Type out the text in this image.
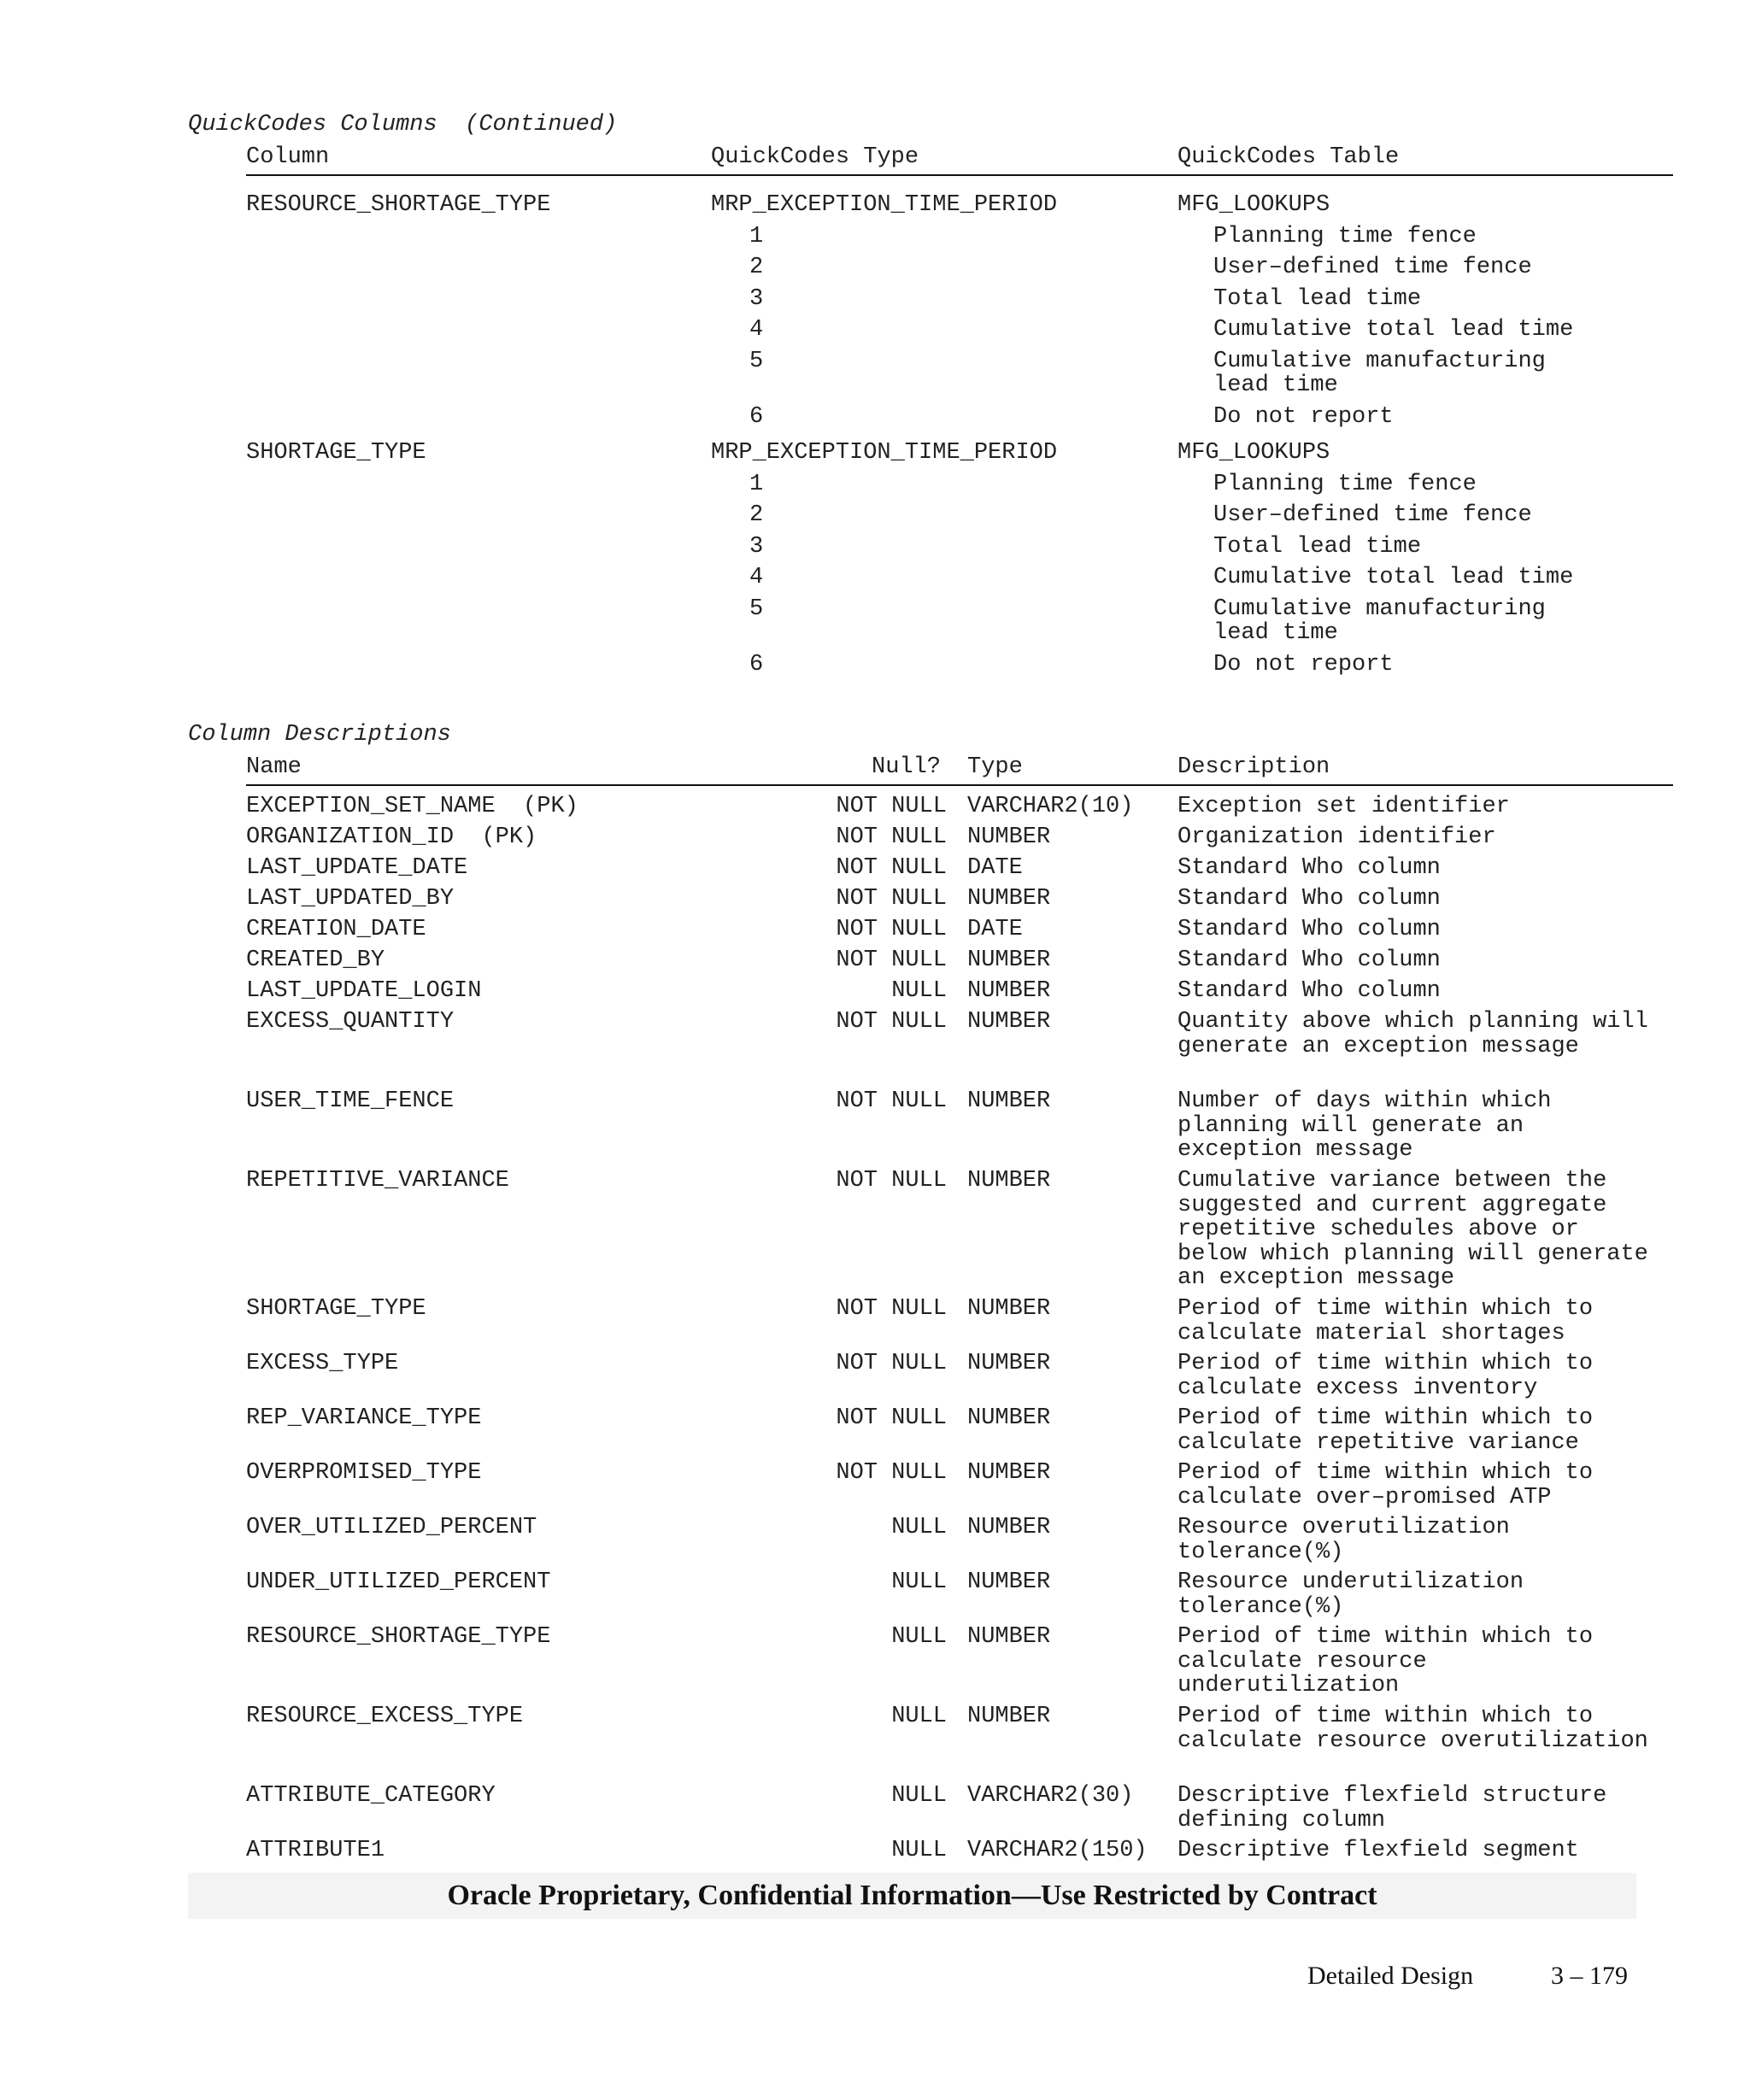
QuickCodes Columns  (Continued)
Column	QuickCodes Type	QuickCodes Table
RESOURCE_SHORTAGE_TYPE	MRP_EXCEPTION_TIME_PERIOD	MFG_LOOKUPS
1	Planning time fence
2	User–defined time fence
3	Total lead time
4	Cumulative total lead time
5	Cumulative manufacturing
lead time
6	Do not report
SHORTAGE_TYPE	MRP_EXCEPTION_TIME_PERIOD	MFG_LOOKUPS
1	Planning time fence
2	User–defined time fence
3	Total lead time
4	Cumulative total lead time
5	Cumulative manufacturing
lead time
6	Do not report
Column Descriptions
Name	Null? Type	Description
EXCEPTION_SET_NAME  (PK)	NOT NULL VARCHAR2(10) Exception set identifier
ORGANIZATION_ID  (PK)	NOT NULL NUMBER	Organization identifier
LAST_UPDATE_DATE	NOT NULL DATE	Standard Who column
LAST_UPDATED_BY	NOT NULL NUMBER	Standard Who column
CREATION_DATE	NOT NULL DATE	Standard Who column
CREATED_BY	NOT NULL NUMBER	Standard Who column
LAST_UPDATE_LOGIN	NULL NUMBER	Standard Who column
EXCESS_QUANTITY	NOT NULL NUMBER	Quantity above which planning will generate an exception message
USER_TIME_FENCE	NOT NULL NUMBER	Number of days within which planning will generate an exception message
REPETITIVE_VARIANCE	NOT NULL NUMBER	Cumulative variance between the suggested and current aggregate repetitive schedules above or below which planning will generate an exception message
SHORTAGE_TYPE	NOT NULL NUMBER	Period of time within which to calculate material shortages
EXCESS_TYPE	NOT NULL NUMBER	Period of time within which to calculate excess inventory
REP_VARIANCE_TYPE	NOT NULL NUMBER	Period of time within which to calculate repetitive variance
OVERPROMISED_TYPE	NOT NULL NUMBER	Period of time within which to calculate over–promised ATP
OVER_UTILIZED_PERCENT	NULL NUMBER	Resource overutilization tolerance(%)
UNDER_UTILIZED_PERCENT	NULL NUMBER	Resource underutilization tolerance(%)
RESOURCE_SHORTAGE_TYPE	NULL NUMBER	Period of time within which to calculate resource underutilization
RESOURCE_EXCESS_TYPE	NULL NUMBER	Period of time within which to calculate resource overutilization
ATTRIBUTE_CATEGORY	NULL VARCHAR2(30) Descriptive flexfield structure defining column
ATTRIBUTE1	NULL VARCHAR2(150) Descriptive flexfield segment
Oracle Proprietary, Confidential Information––Use Restricted by Contract
Detailed Design	3 – 179
